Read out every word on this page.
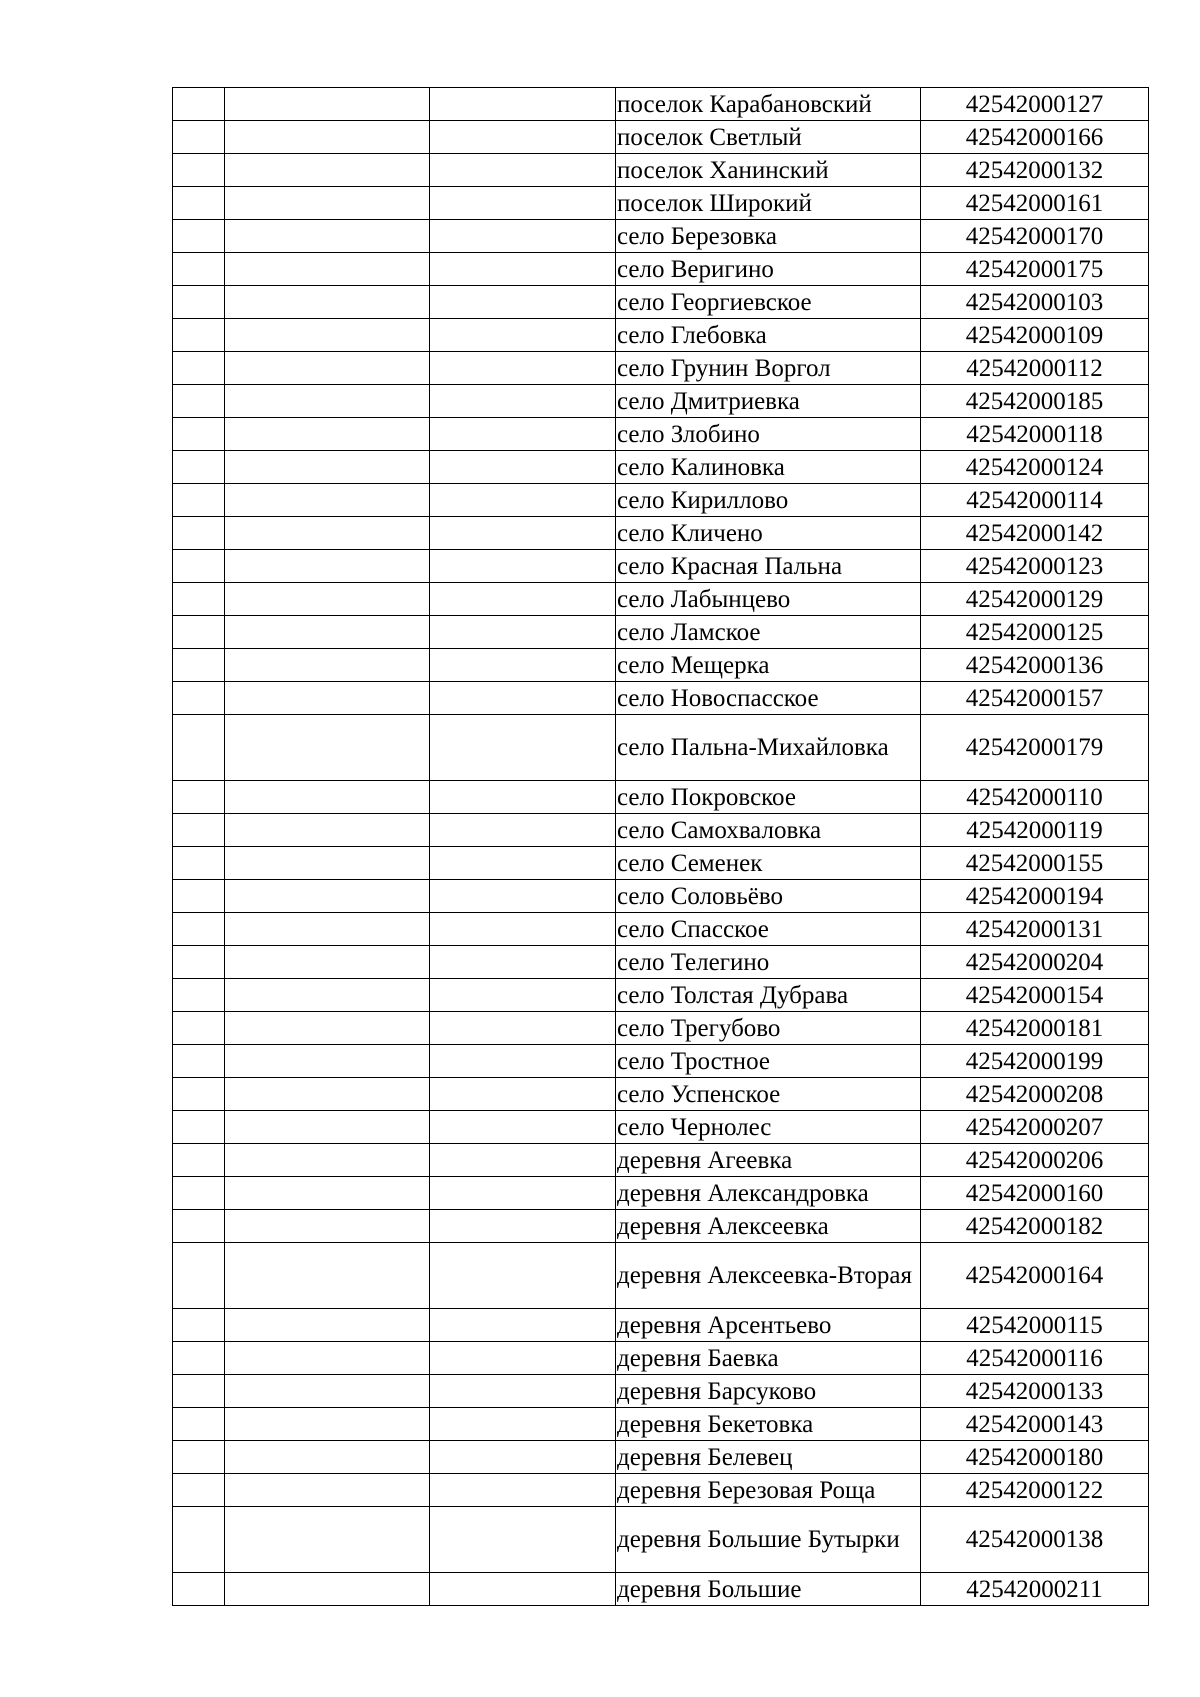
			поселок Карабановский	42542000127
			поселок Светлый	42542000166
			поселок Ханинский	42542000132
			поселок Широкий	42542000161
			село Березовка	42542000170
			село Веригино	42542000175
			село Георгиевское	42542000103
			село Глебовка	42542000109
			село Грунин Воргол	42542000112
			село Дмитриевка	42542000185
			село Злобино	42542000118
			село Калиновка	42542000124
			село Кириллово	42542000114
			село Кличено	42542000142
			село Красная Пальна	42542000123
			село Лабынцево	42542000129
			село Ламское	42542000125
			село Мещерка	42542000136
			село Новоспасское	42542000157
			село Пальна-Михайловка	42542000179
			село Покровское	42542000110
			село Самохваловка	42542000119
			село Семенек	42542000155
			село Соловьёво	42542000194
			село Спасское	42542000131
			село Телегино	42542000204
			село Толстая Дубрава	42542000154
			село Трегубово	42542000181
			село Тростное	42542000199
			село Успенское	42542000208
			село Чернолес	42542000207
			деревня Агеевка	42542000206
			деревня Александровка	42542000160
			деревня Алексеевка	42542000182
			деревня Алексеевка-Вторая	42542000164
			деревня Арсентьево	42542000115
			деревня Баевка	42542000116
			деревня Барсуково	42542000133
			деревня Бекетовка	42542000143
			деревня Белевец	42542000180
			деревня Березовая Роща	42542000122
			деревня Большие Бутырки	42542000138
			деревня Большие	42542000211
